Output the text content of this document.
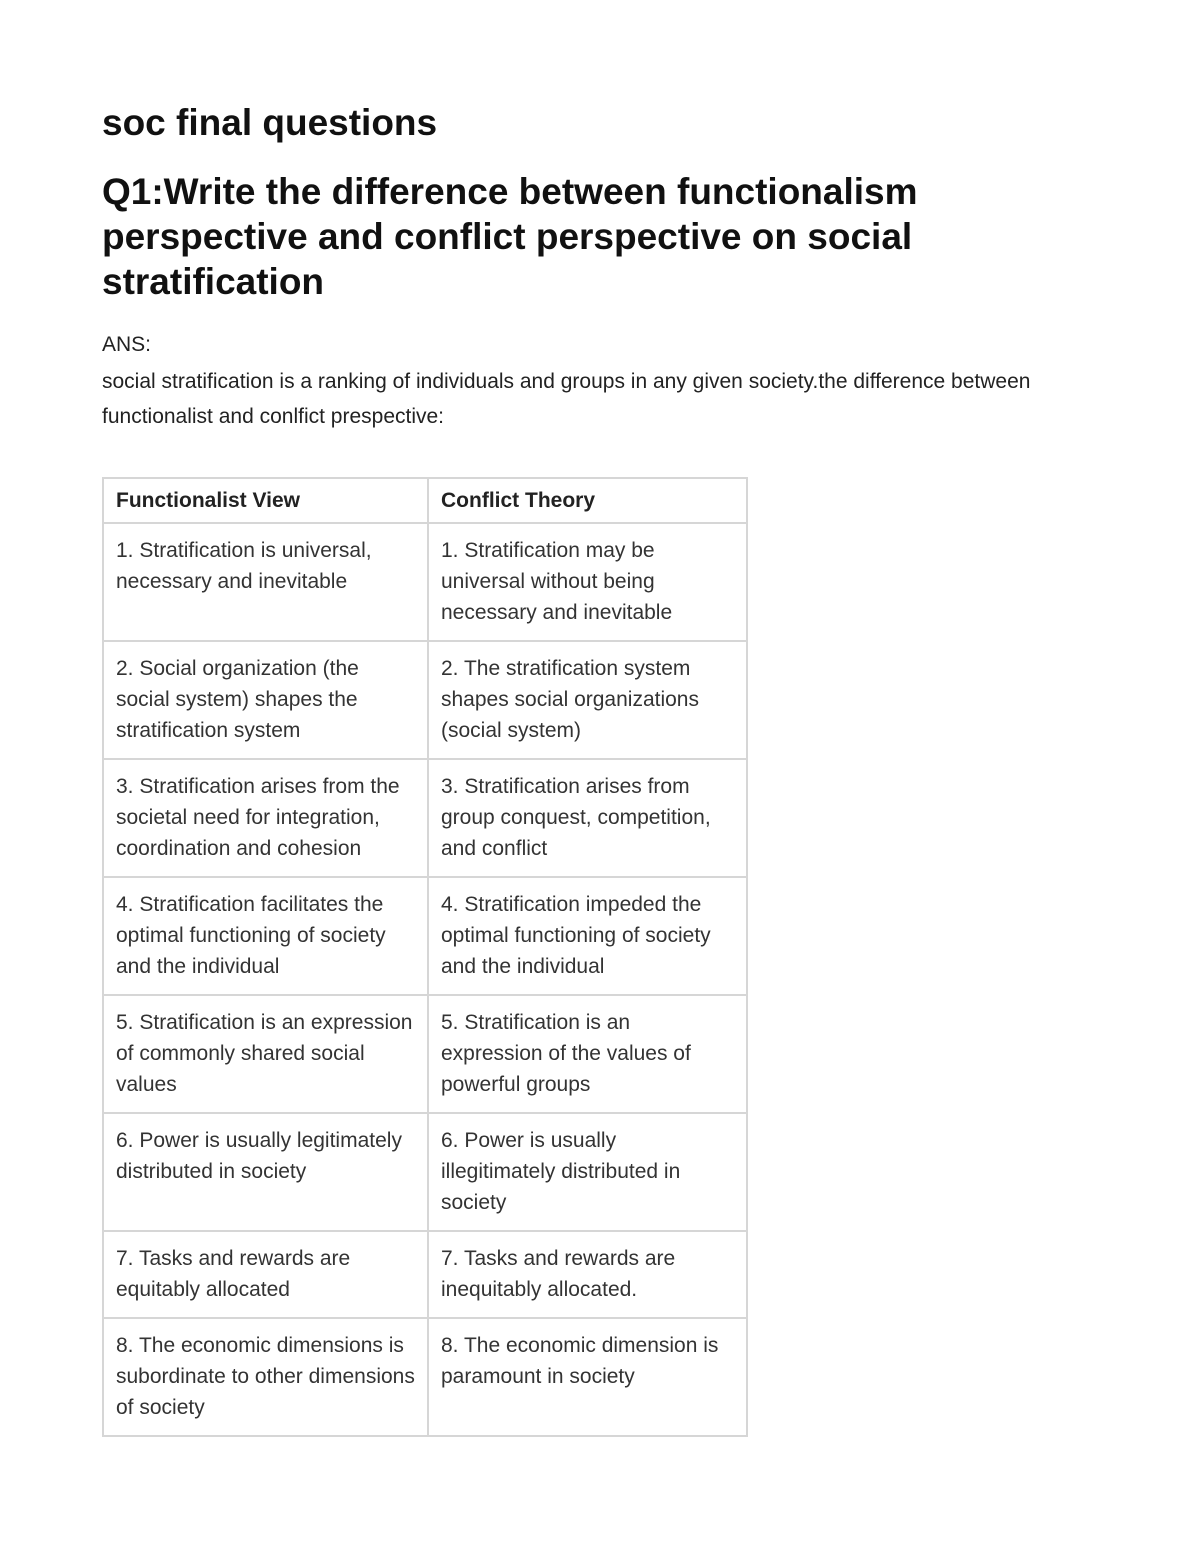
soc final questions
Q1:Write the difference between functionalism perspective and conflict perspective on social stratification

ANS:

social stratification is a ranking of individuals and groups in any given society.the difference between functionalist and conlfict prespective:

Functionalist View	Conflict Theory
1. Stratification is universal, necessary and inevitable	1. Stratification may be universal without being necessary and inevitable
2. Social organization (the social system) shapes the stratification system	2. The stratification system shapes social organizations (social system)
3. Stratification arises from the societal need for integration, coordination and cohesion	3. Stratification arises from group conquest, competition, and conflict
4. Stratification facilitates the optimal functioning of society and the individual	4. Stratification impeded the optimal functioning of society and the individual
5. Stratification is an expression of commonly shared social values	5. Stratification is an expression of the values of powerful groups
6. Power is usually legitimately distributed in society	6. Power is usually illegitimately distributed in society
7. Tasks and rewards are equitably allocated	7. Tasks and rewards are inequitably allocated.
8. The economic dimensions is subordinate to other dimensions of society	8. The economic dimension is paramount in society
